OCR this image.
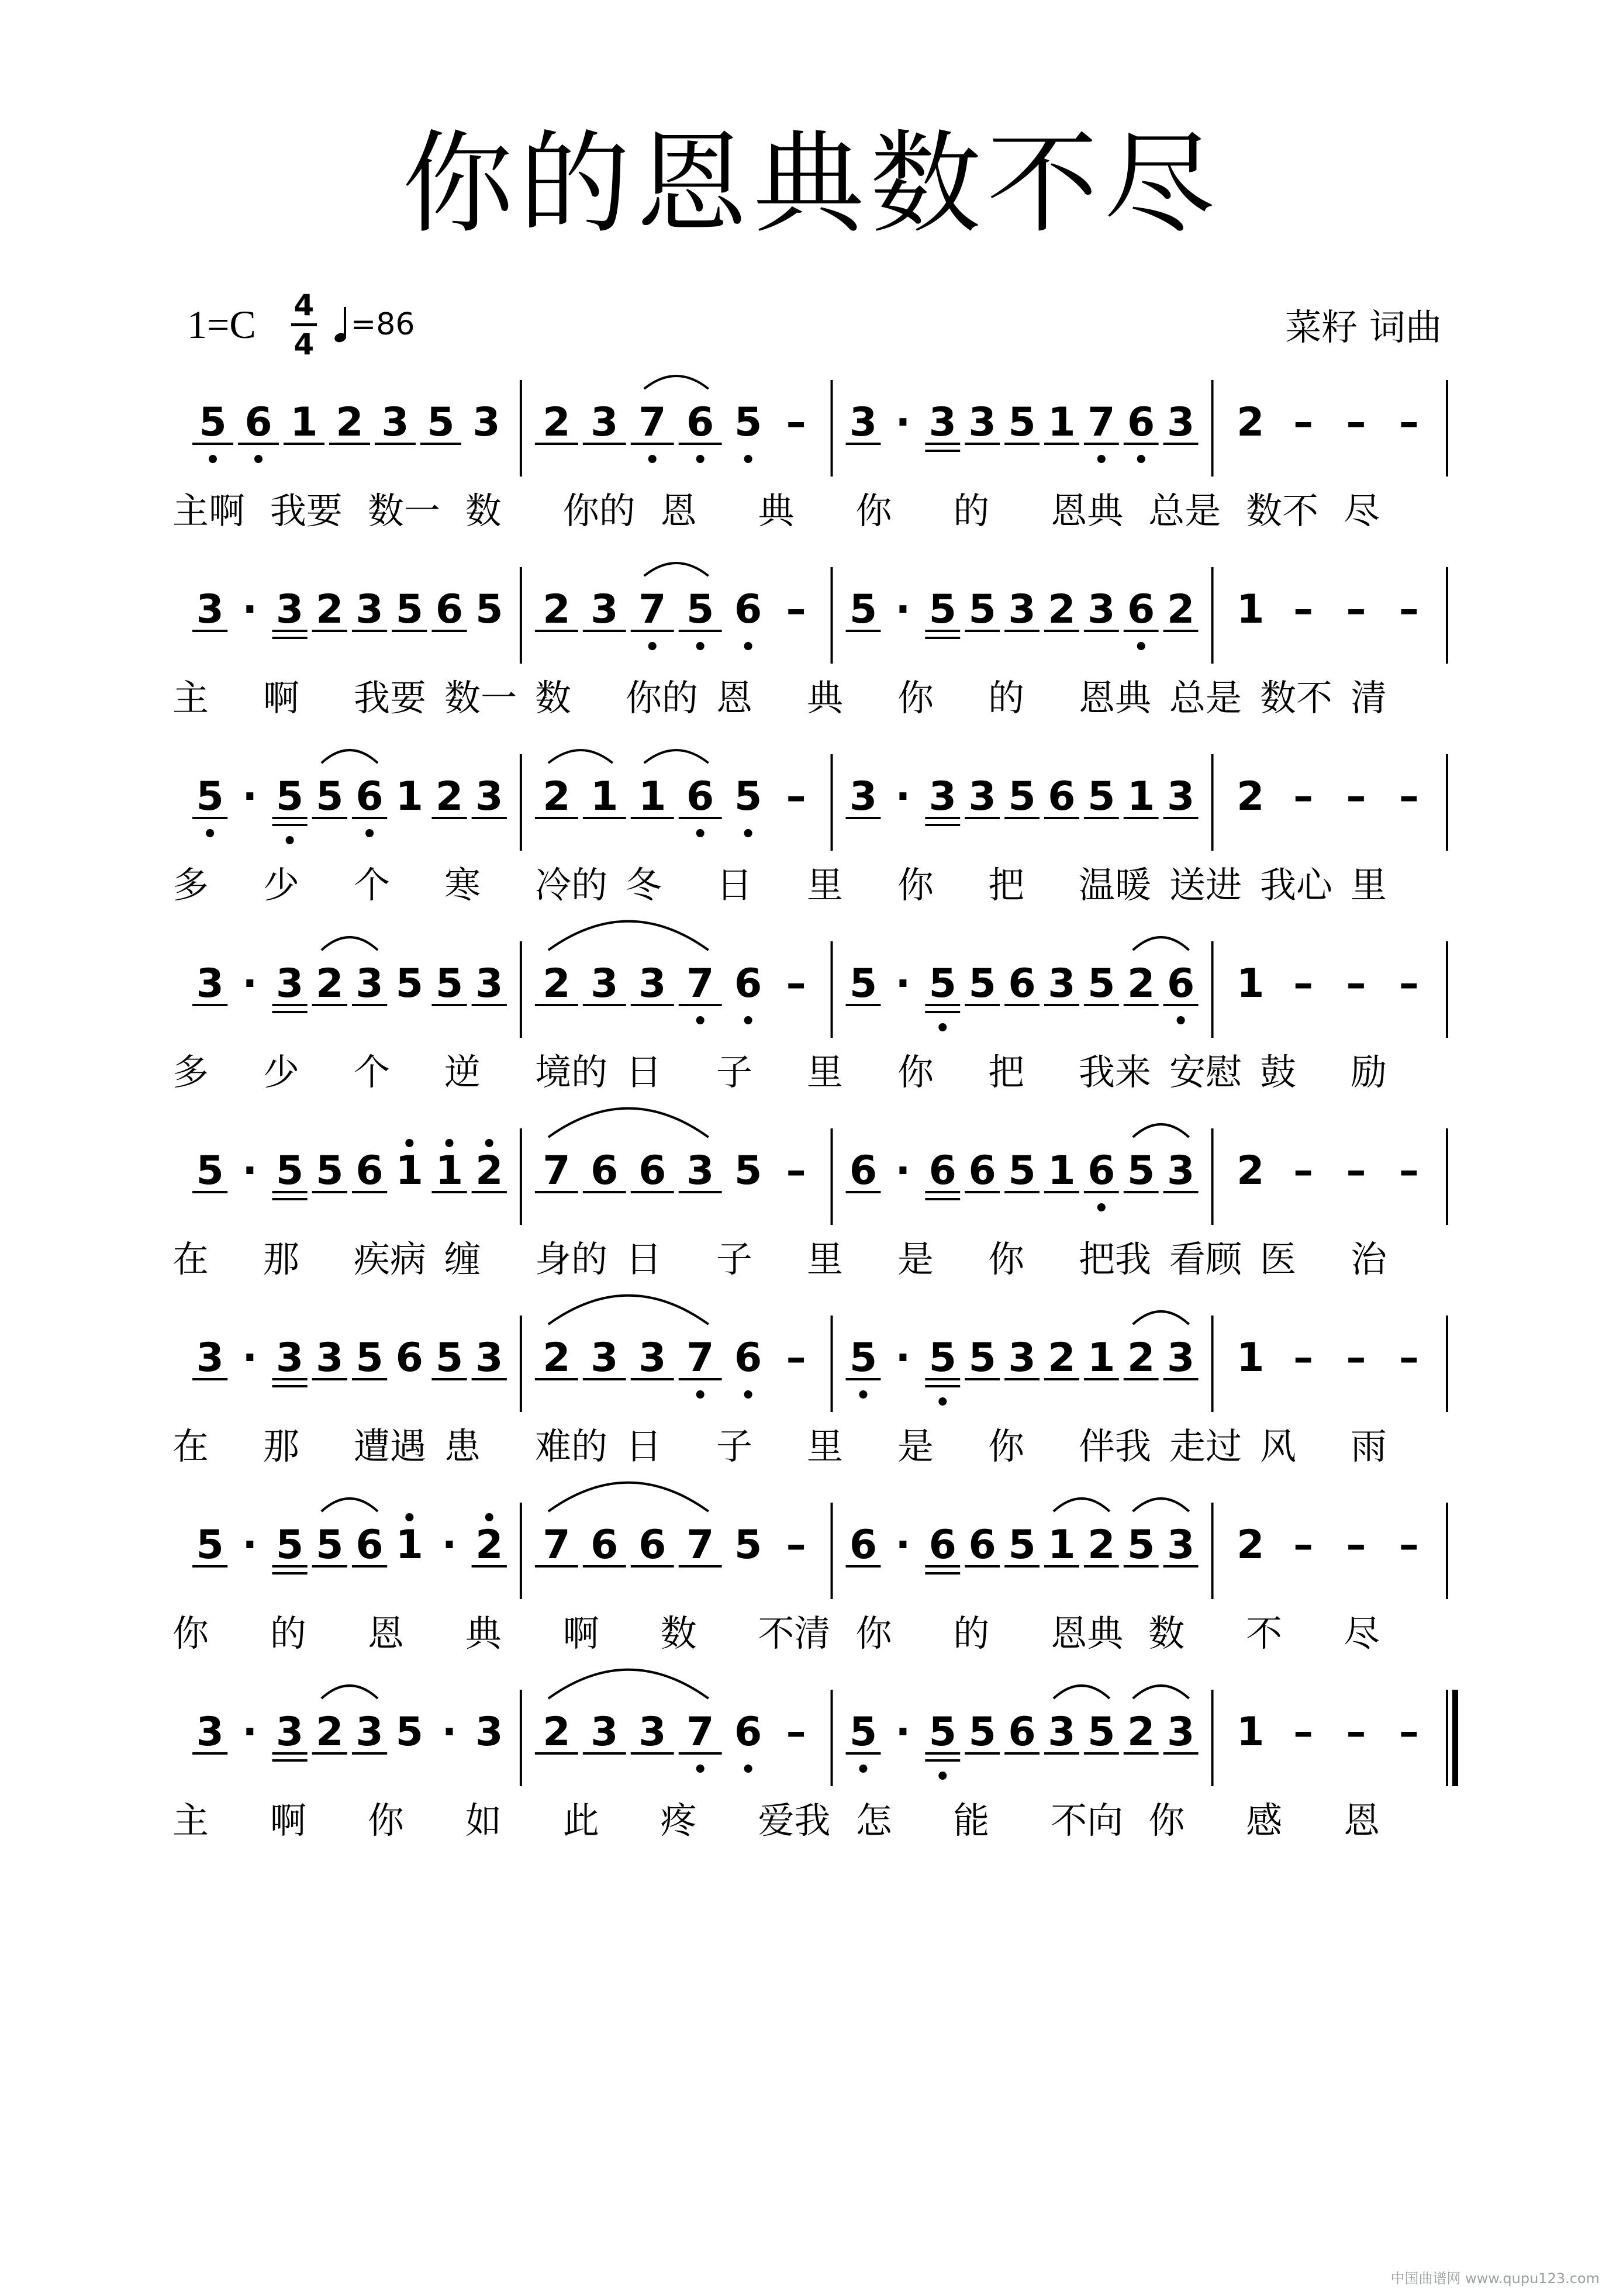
你的恩典数不尽
1=C 4
4
=86	菜籽 词曲
5 6 1 2 3 5 3 2 3 7 6 5 – 3 · 3 3 5 1 7 6 3 2 – – –
主啊 我要 数一 数 你的 恩 典 你 的 恩典 总是 数不 尽
3 · 3 2 3 5 6 5 2 3 7 5 6 – 5 · 5 5 3 2 3 6 2 1 – – –
主 啊 我要 数一 数 你的 恩 典 你 的 恩典 总是 数不 清
5 · 5 5 6 1 2 3 2 1 1 6 5 – 3 · 3 3 5 6 5 1 3 2 – – –
多 少 个 寒 冷的 冬 日 里 你 把 温暖 送进 我心 里
3 · 3 2 3 5 5 3 2 3 3 7 6 – 5 · 5 5 6 3 5 2 6 1 – – –
多 少 个 逆 境的 日 子 里 你 把 我来 安慰 鼓 励
5 · 5 5 6 1 1 2 7 6 6 3 5 – 6 · 6 6 5 1 6 5 3 2 – – –
在 那 疾病 缠 身的 日 子 里 是 你 把我 看顾 医 治
3 · 3 3 5 6 5 3 2 3 3 7 6 – 5 · 5 5 3 2 1 2 3 1 – – –
在 那 遭遇 患 难的 日 子 里 是 你 伴我 走过 风 雨
5 · 5 5 6 1 · 2 7 6 6 7 5 – 6 · 6 6 5 1 2 5 3 2 – – –
你 的 恩 典 啊 数 不清 你 的 恩典 数 不 尽
3 · 3 2 3 5 · 3 2 3 3 7 6 – 5 · 5 5 6 3 5 2 3 1 – – –
主 啊 你 如 此 疼 爱我 怎 能 不向 你 感 恩
中国曲谱网 www.qupu123.com
